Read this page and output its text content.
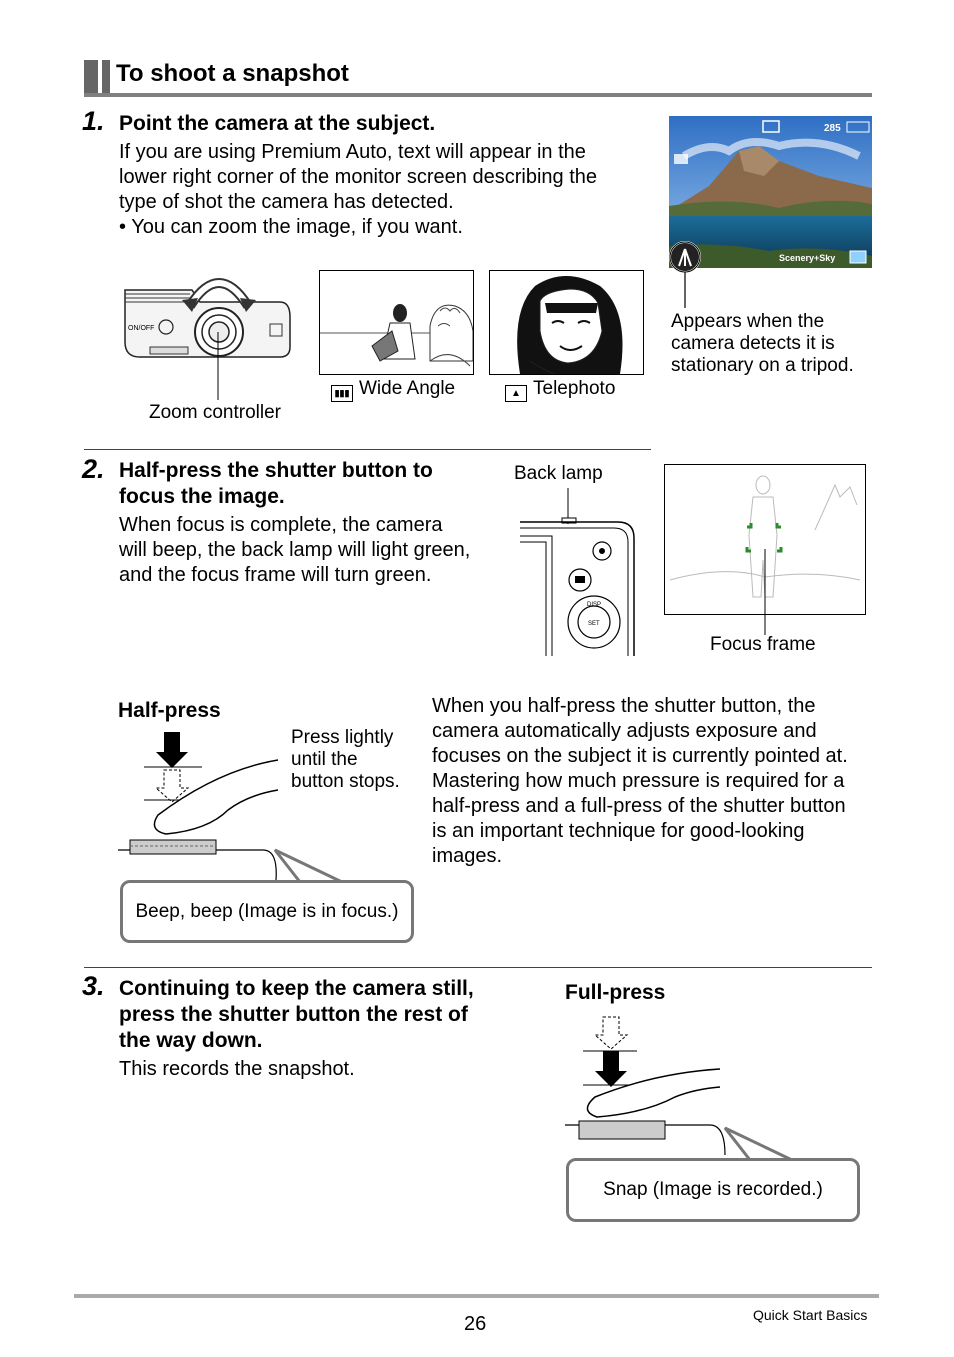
To shoot a snapshot
1. Point the camera at the subject.
If you are using Premium Auto, text will appear in the
lower right corner of the monitor screen describing the
type of shot the camera has detected.
• You can zoom the image, if you want.
ON/OFF
Zoom controller
▮▮▮ Wide Angle	▲ Telephoto
285
Scenery+Sky
Appears when the
camera detects it is
stationary on a tripod.
2. Half-press the shutter button to
focus the image.
When focus is complete, the camera
will beep, the back lamp will light green,
and the focus frame will turn green.
Back lamp
DISP
SET
Focus frame
Half-press
Press lightly
until the
button stops.
Beep, beep (Image is in focus.)
When you half-press the shutter button, the
camera automatically adjusts exposure and
focuses on the subject it is currently pointed at.
Mastering how much pressure is required for a
half-press and a full-press of the shutter button
is an important technique for good-looking
images.
3. Continuing to keep the camera still,
press the shutter button the rest of
the way down.
This records the snapshot.
Full-press
Snap (Image is recorded.)
26	Quick Start Basics
